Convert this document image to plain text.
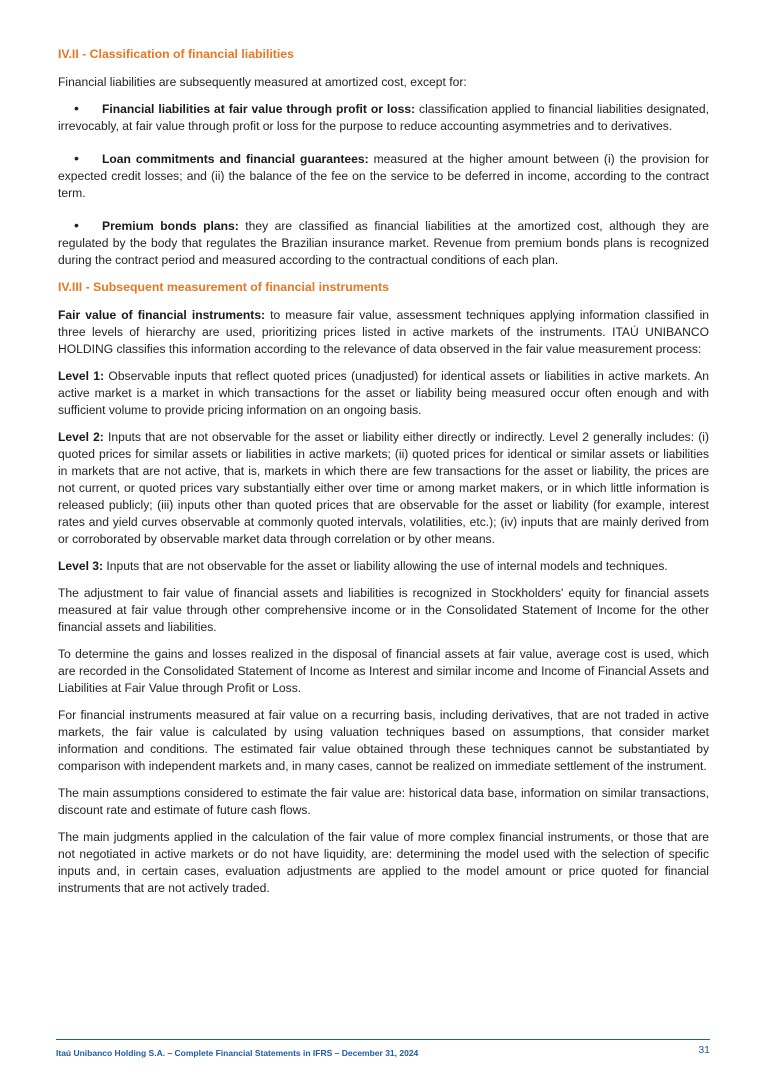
IV.II - Classification of financial liabilities

Financial liabilities are subsequently measured at amortized cost, except for:

• Financial liabilities at fair value through profit or loss: classification applied to financial liabilities designated, irrevocably, at fair value through profit or loss for the purpose to reduce accounting asymmetries and to derivatives.
• Loan commitments and financial guarantees: measured at the higher amount between (i) the provision for expected credit losses; and (ii) the balance of the fee on the service to be deferred in income, according to the contract term.
• Premium bonds plans: they are classified as financial liabilities at the amortized cost, although they are regulated by the body that regulates the Brazilian insurance market. Revenue from premium bonds plans is recognized during the contract period and measured according to the contractual conditions of each plan.
IV.III - Subsequent measurement of financial instruments

Fair value of financial instruments: to measure fair value, assessment techniques applying information classified in three levels of hierarchy are used, prioritizing prices listed in active markets of the instruments. ITAÚ UNIBANCO HOLDING classifies this information according to the relevance of data observed in the fair value measurement process:

Level 1: Observable inputs that reflect quoted prices (unadjusted) for identical assets or liabilities in active markets. An active market is a market in which transactions for the asset or liability being measured occur often enough and with sufficient volume to provide pricing information on an ongoing basis.

Level 2: Inputs that are not observable for the asset or liability either directly or indirectly. Level 2 generally includes: (i) quoted prices for similar assets or liabilities in active markets; (ii) quoted prices for identical or similar assets or liabilities in markets that are not active, that is, markets in which there are few transactions for the asset or liability, the prices are not current, or quoted prices vary substantially either over time or among market makers, or in which little information is released publicly; (iii) inputs other than quoted prices that are observable for the asset or liability (for example, interest rates and yield curves observable at commonly quoted intervals, volatilities, etc.); (iv) inputs that are mainly derived from or corroborated by observable market data through correlation or by other means.

Level 3: Inputs that are not observable for the asset or liability allowing the use of internal models and techniques.

The adjustment to fair value of financial assets and liabilities is recognized in Stockholders' equity for financial assets measured at fair value through other comprehensive income or in the Consolidated Statement of Income for the other financial assets and liabilities.

To determine the gains and losses realized in the disposal of financial assets at fair value, average cost is used, which are recorded in the Consolidated Statement of Income as Interest and similar income and Income of Financial Assets and Liabilities at Fair Value through Profit or Loss.

For financial instruments measured at fair value on a recurring basis, including derivatives, that are not traded in active markets, the fair value is calculated by using valuation techniques based on assumptions, that consider market information and conditions. The estimated fair value obtained through these techniques cannot be substantiated by comparison with independent markets and, in many cases, cannot be realized on immediate settlement of the instrument.

The main assumptions considered to estimate the fair value are: historical data base, information on similar transactions, discount rate and estimate of future cash flows.

The main judgments applied in the calculation of the fair value of more complex financial instruments, or those that are not negotiated in active markets or do not have liquidity, are: determining the model used with the selection of specific inputs and, in certain cases, evaluation adjustments are applied to the model amount or price quoted for financial instruments that are not actively traded.

Itaú Unibanco Holding S.A. – Complete Financial Statements in IFRS – December 31, 2024	31
